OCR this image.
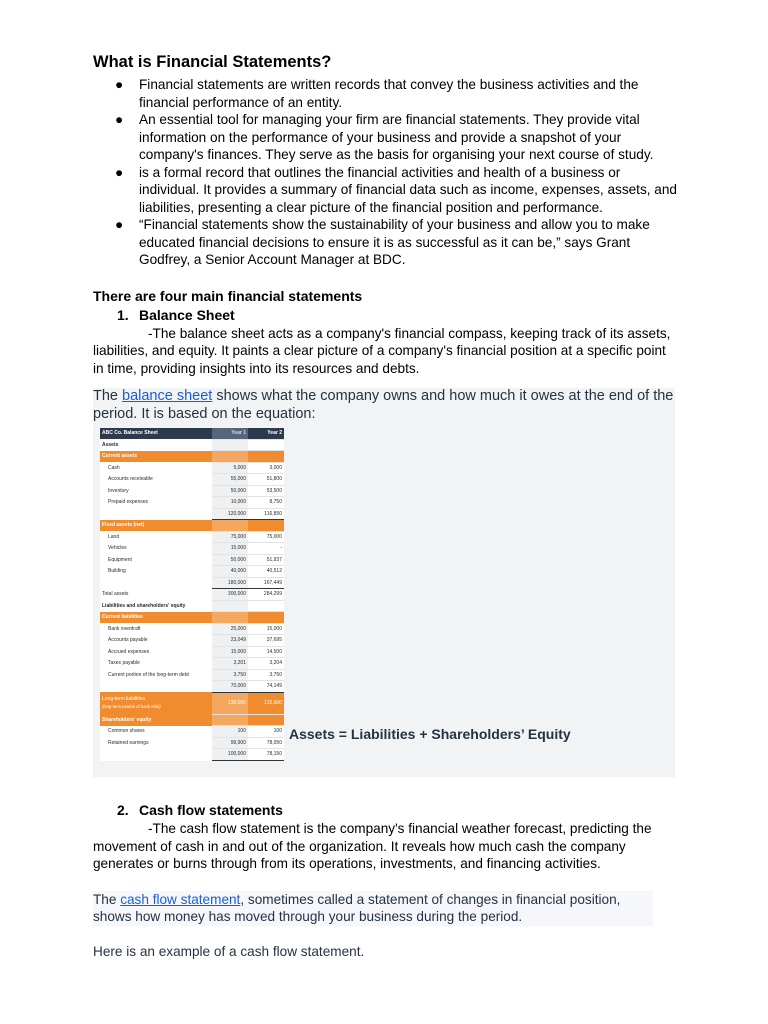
What is Financial Statements?
● Financial statements are written records that convey the business activities and the financial performance of an entity.
● An essential tool for managing your firm are financial statements. They provide vital information on the performance of your business and provide a snapshot of your company's finances. They serve as the basis for organising your next course of study.
● is a formal record that outlines the financial activities and health of a business or individual. It provides a summary of financial data such as income, expenses, assets, and liabilities, presenting a clear picture of the financial position and performance.
● “Financial statements show the sustainability of your business and allow you to make educated financial decisions to ensure it is as successful as it can be,” says Grant Godfrey, a Senior Account Manager at BDC.
There are four main financial statements
1. Balance Sheet
-The balance sheet acts as a company's financial compass, keeping track of its assets, liabilities, and equity. It paints a clear picture of a company's financial position at a specific point in time, providing insights into its resources and debts.
The balance sheet shows what the company owns and how much it owes at the end of the period. It is based on the equation:
ABC Co. Balance Sheet	Year 1	Year 2
Assets		
Current assets		
Cash	5,000	3,000
Accounts receivable	55,000	51,800
Inventory	50,000	53,500
Prepaid expenses	10,000	8,750
	120,000	116,850
Fixed assets (net)		
Land	75,000	75,000
Vehicles	15,000	-
Equipment	50,000	51,937
Building	40,000	40,512
	180,000	167,449
Total assets	300,000	284,299
Liabilities and shareholders' equity		
Current liabilities		
Bank overdraft	25,000	15,000
Accounts payable	23,049	37,695
Accrued expenses	15,000	14,500
Taxes payable	3,201	3,204
Current portion of the long-term debt	3,750	3,750
	70,000	74,149
Long-term liabilities
(long-term portion of bank debt)	130,000	132,000
Shareholders' equity		
Common shares	100	100
Retained earnings	99,900	78,050
	100,000	78,150
Assets = Liabilities + Shareholders’ Equity
2. Cash flow statements
-The cash flow statement is the company's financial weather forecast, predicting the movement of cash in and out of the organization. It reveals how much cash the company generates or burns through from its operations, investments, and financing activities.
The cash flow statement, sometimes called a statement of changes in financial position, shows how money has moved through your business during the period.
Here is an example of a cash flow statement.
